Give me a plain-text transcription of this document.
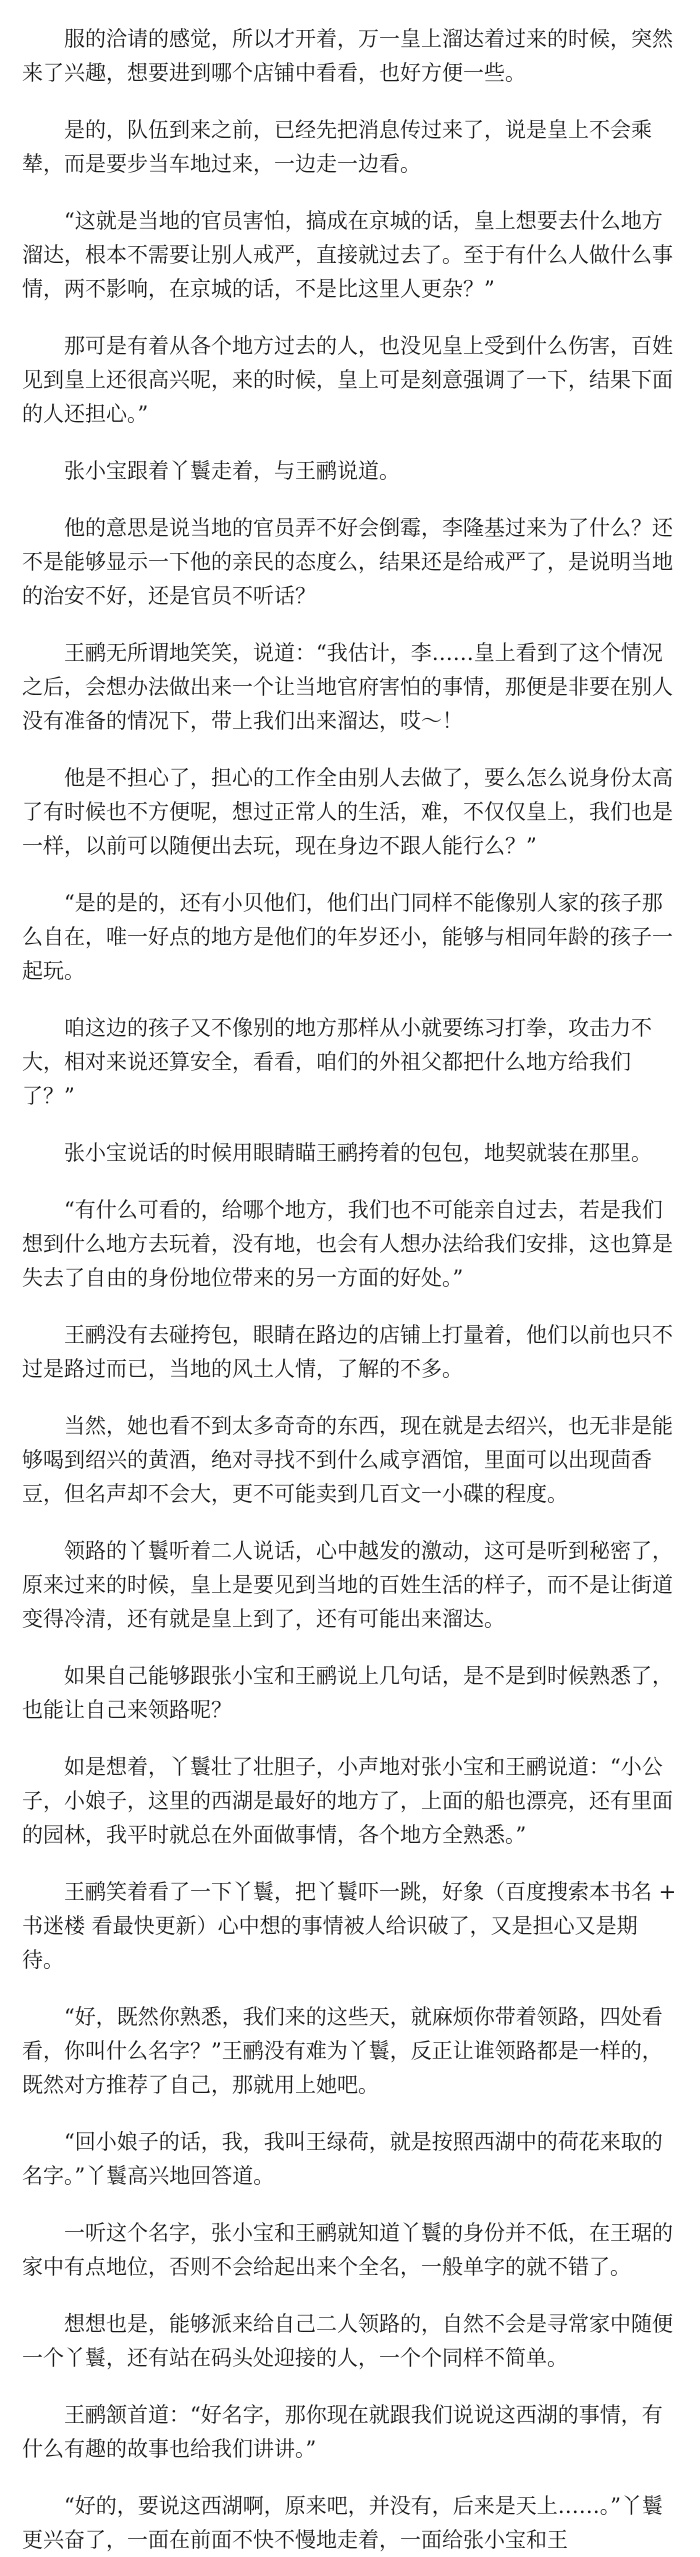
服的洽请的感觉，所以才开着，万一皇上溜达着过来的时候，突然来了兴趣，想要进到哪个店铺中看看，也好方便一些。

是的，队伍到来之前，已经先把消息传过来了，说是皇上不会乘辇，而是要步当车地过来，一边走一边看。

“这就是当地的官员害怕，搞成在京城的话，皇上想要去什么地方溜达，根本不需要让别人戒严，直接就过去了。至于有什么人做什么事情，两不影响，在京城的话，不是比这里人更杂？”

那可是有着从各个地方过去的人，也没见皇上受到什么伤害，百姓见到皇上还很高兴呢，来的时候，皇上可是刻意强调了一下，结果下面的人还担心。”

张小宝跟着丫鬟走着，与王鹂说道。

他的意思是说当地的官员弄不好会倒霉，李隆基过来为了什么？还不是能够显示一下他的亲民的态度么，结果还是给戒严了，是说明当地的治安不好，还是官员不听话？

王鹂无所谓地笑笑，说道：“我估计，李……皇上看到了这个情况之后，会想办法做出来一个让当地官府害怕的事情，那便是非要在别人没有准备的情况下，带上我们出来溜达，哎～！

他是不担心了，担心的工作全由别人去做了，要么怎么说身份太高了有时候也不方便呢，想过正常人的生活，难，不仅仅皇上，我们也是一样，以前可以随便出去玩，现在身边不跟人能行么？”

“是的是的，还有小贝他们，他们出门同样不能像别人家的孩子那么自在，唯一好点的地方是他们的年岁还小，能够与相同年龄的孩子一起玩。

咱这边的孩子又不像别的地方那样从小就要练习打拳，攻击力不大，相对来说还算安全，看看，咱们的外祖父都把什么地方给我们了？”

张小宝说话的时候用眼睛瞄王鹂挎着的包包，地契就装在那里。

“有什么可看的，给哪个地方，我们也不可能亲自过去，若是我们想到什么地方去玩着，没有地，也会有人想办法给我们安排，这也算是失去了自由的身份地位带来的另一方面的好处。”

王鹂没有去碰挎包，眼睛在路边的店铺上打量着，他们以前也只不过是路过而已，当地的风土人情，了解的不多。

当然，她也看不到太多奇奇的东西，现在就是去绍兴，也无非是能够喝到绍兴的黄酒，绝对寻找不到什么咸亨酒馆，里面可以出现茴香豆，但名声却不会大，更不可能卖到几百文一小碟的程度。

领路的丫鬟听着二人说话，心中越发的激动，这可是听到秘密了，原来过来的时候，皇上是要见到当地的百姓生活的样子，而不是让街道变得冷清，还有就是皇上到了，还有可能出来溜达。

如果自己能够跟张小宝和王鹂说上几句话，是不是到时候熟悉了，也能让自己来领路呢？

如是想着，丫鬟壮了壮胆子，小声地对张小宝和王鹂说道：“小公子，小娘子，这里的西湖是最好的地方了，上面的船也漂亮，还有里面的园林，我平时就总在外面做事情，各个地方全熟悉。”

王鹂笑着看了一下丫鬟，把丫鬟吓一跳，好象（百度搜索本书名 + 书迷楼 看最快更新）心中想的事情被人给识破了，又是担心又是期待。

“好，既然你熟悉，我们来的这些天，就麻烦你带着领路，四处看看，你叫什么名字？”王鹂没有难为丫鬟，反正让谁领路都是一样的，既然对方推荐了自己，那就用上她吧。

“回小娘子的话，我，我叫王绿荷，就是按照西湖中的荷花来取的名字。”丫鬟高兴地回答道。

一听这个名字，张小宝和王鹂就知道丫鬟的身份并不低，在王琚的家中有点地位，否则不会给起出来个全名，一般单字的就不错了。

想想也是，能够派来给自己二人领路的，自然不会是寻常家中随便一个丫鬟，还有站在码头处迎接的人，一个个同样不简单。

王鹂颔首道：“好名字，那你现在就跟我们说说这西湖的事情，有什么有趣的故事也给我们讲讲。”

“好的，要说这西湖啊，原来吧，并没有，后来是天上……。”丫鬟更兴奋了，一面在前面不快不慢地走着，一面给张小宝和王
